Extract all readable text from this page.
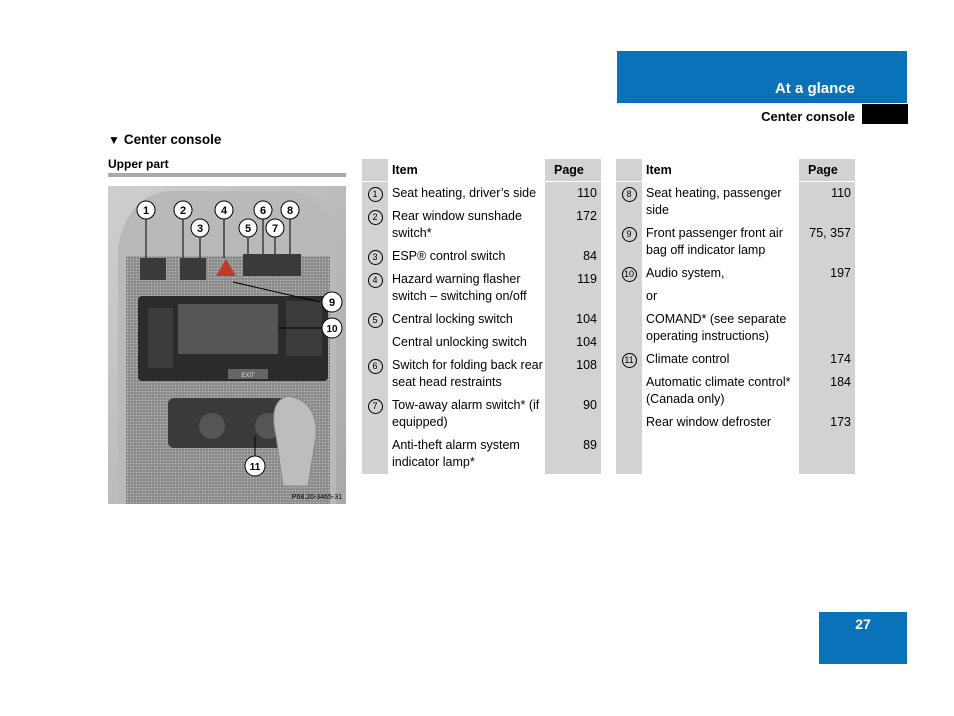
At a glance
Center console
▼ Center console
Upper part
EXIT
1	2
3
4
5
6
7
8
9
10
11
P68.20-3465-31
	Item	Page
1	Seat heating, driver’s side	110
2	Rear window sunshade switch*	172
3	ESP® control switch	84
4	Hazard warning flasher switch – switching on/off	119
5	Central locking switch	104
	Central unlocking switch	104
6	Switch for folding back rear seat head restraints	108
7	Tow-away alarm switch* (if equipped)	90
	Anti-theft alarm system indicator lamp*	89
	Item	Page
8	Seat heating, passenger side	110
9	Front passenger front air bag off indicator lamp	75, 357
10	Audio system,	197
	or	
	COMAND* (see separate operating instructions)	
11	Climate control	174
	Automatic climate control* (Canada only)	184
	Rear window defroster	173

27
